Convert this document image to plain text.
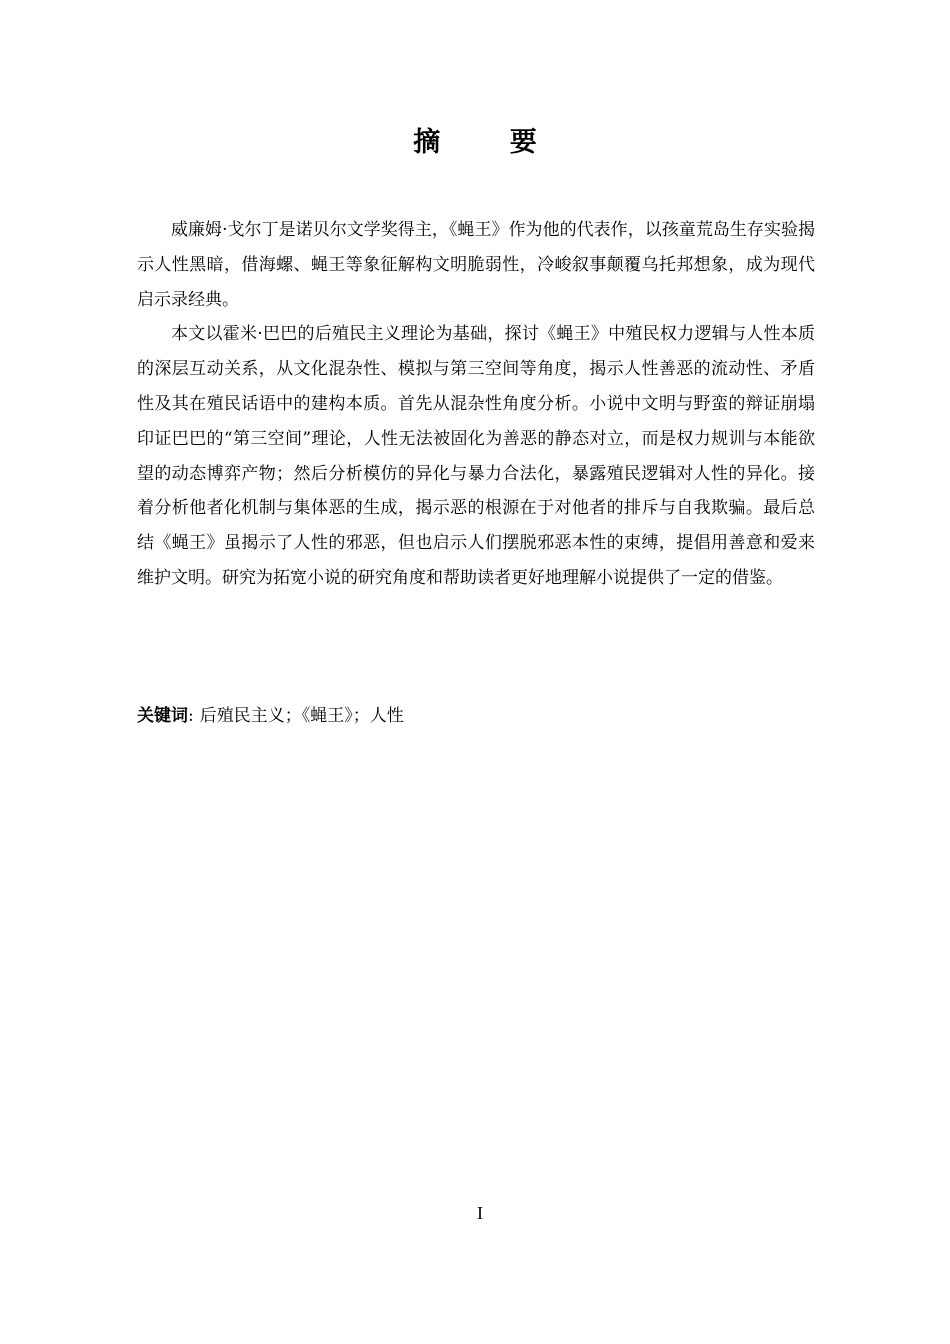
摘 要

威廉姆·戈尔丁是诺贝尔文学奖得主，《蝇王》作为他的代表作，以孩童荒岛生存实验揭示人性黑暗，借海螺、蝇王等象征解构文明脆弱性，冷峻叙事颠覆乌托邦想象，成为现代启示录经典。

本文以霍米·巴巴的后殖民主义理论为基础，探讨《蝇王》中殖民权力逻辑与人性本质的深层互动关系，从文化混杂性、模拟与第三空间等角度，揭示人性善恶的流动性、矛盾性及其在殖民话语中的建构本质。首先从混杂性角度分析。小说中文明与野蛮的辩证崩塌印证巴巴的“第三空间”理论，人性无法被固化为善恶的静态对立，而是权力规训与本能欲望的动态博弈产物；然后分析模仿的异化与暴力合法化，暴露殖民逻辑对人性的异化。接着分析他者化机制与集体恶的生成，揭示恶的根源在于对他者的排斥与自我欺骗。最后总结《蝇王》虽揭示了人性的邪恶，但也启示人们摆脱邪恶本性的束缚，提倡用善意和爱来维护文明。研究为拓宽小说的研究角度和帮助读者更好地理解小说提供了一定的借鉴。

关键词: 后殖民主义；《蝇王》；人性
I
